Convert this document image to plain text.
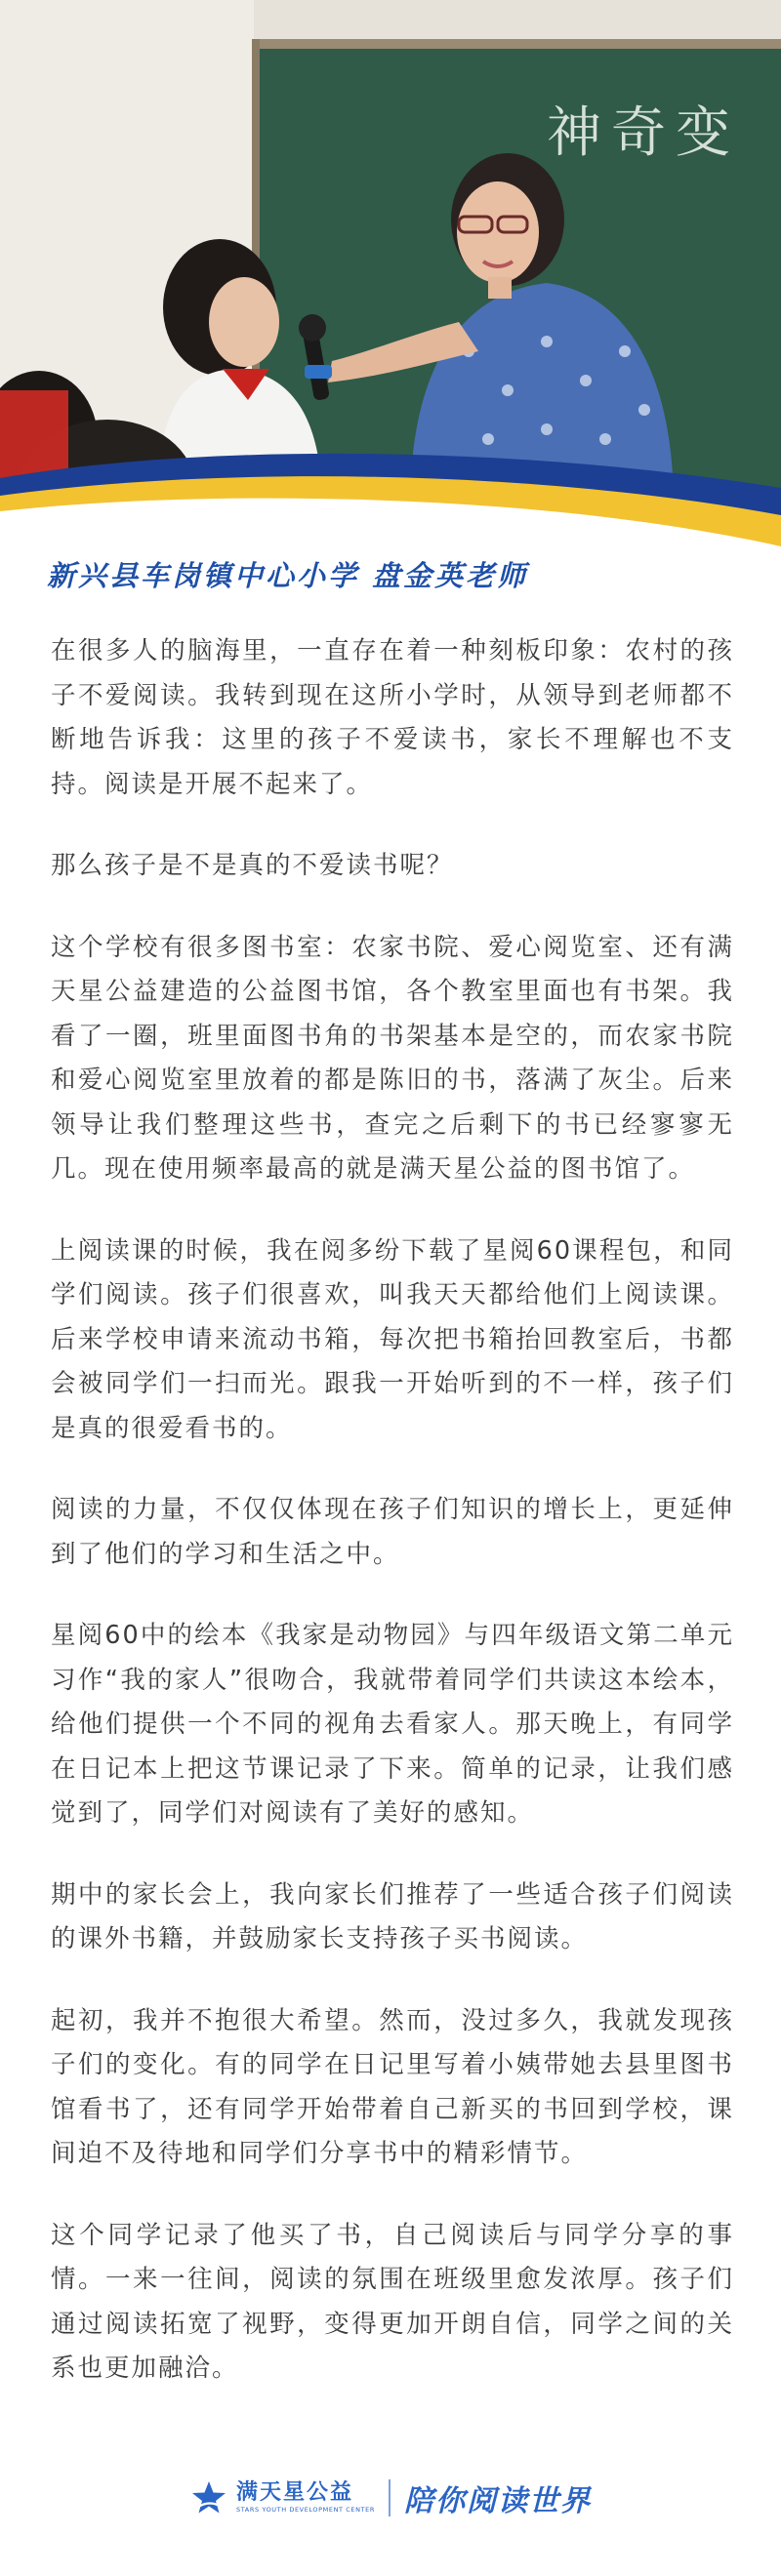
神奇变
新兴县车岗镇中心小学 盘金英老师

在很多人的脑海里，一直存在着一种刻板印象：农村的孩子不爱阅读。我转到现在这所小学时，从领导到老师都不断地告诉我：这里的孩子不爱读书，家长不理解也不支持。阅读是开展不起来了。

那么孩子是不是真的不爱读书呢？

这个学校有很多图书室：农家书院、爱心阅览室、还有满天星公益建造的公益图书馆，各个教室里面也有书架。我看了一圈，班里面图书角的书架基本是空的，而农家书院和爱心阅览室里放着的都是陈旧的书，落满了灰尘。后来领导让我们整理这些书，查完之后剩下的书已经寥寥无几。现在使用频率最高的就是满天星公益的图书馆了。

上阅读课的时候，我在阅多纷下载了星阅60课程包，和同学们阅读。孩子们很喜欢，叫我天天都给他们上阅读课。后来学校申请来流动书箱，每次把书箱抬回教室后，书都会被同学们一扫而光。跟我一开始听到的不一样，孩子们是真的很爱看书的。

阅读的力量，不仅仅体现在孩子们知识的增长上，更延伸到了他们的学习和生活之中。

星阅60中的绘本《我家是动物园》与四年级语文第二单元习作“我的家人”很吻合，我就带着同学们共读这本绘本，给他们提供一个不同的视角去看家人。那天晚上，有同学在日记本上把这节课记录了下来。简单的记录，让我们感觉到了，同学们对阅读有了美好的感知。

期中的家长会上，我向家长们推荐了一些适合孩子们阅读的课外书籍，并鼓励家长支持孩子买书阅读。

起初，我并不抱很大希望。然而，没过多久，我就发现孩子们的变化。有的同学在日记里写着小姨带她去县里图书馆看书了，还有同学开始带着自己新买的书回到学校，课间迫不及待地和同学们分享书中的精彩情节。

这个同学记录了他买了书，自己阅读后与同学分享的事情。一来一往间，阅读的氛围在班级里愈发浓厚。孩子们通过阅读拓宽了视野，变得更加开朗自信，同学之间的关系也更加融洽。

满天星公益
STARS YOUTH DEVELOPMENT CENTER 陪你阅读世界
